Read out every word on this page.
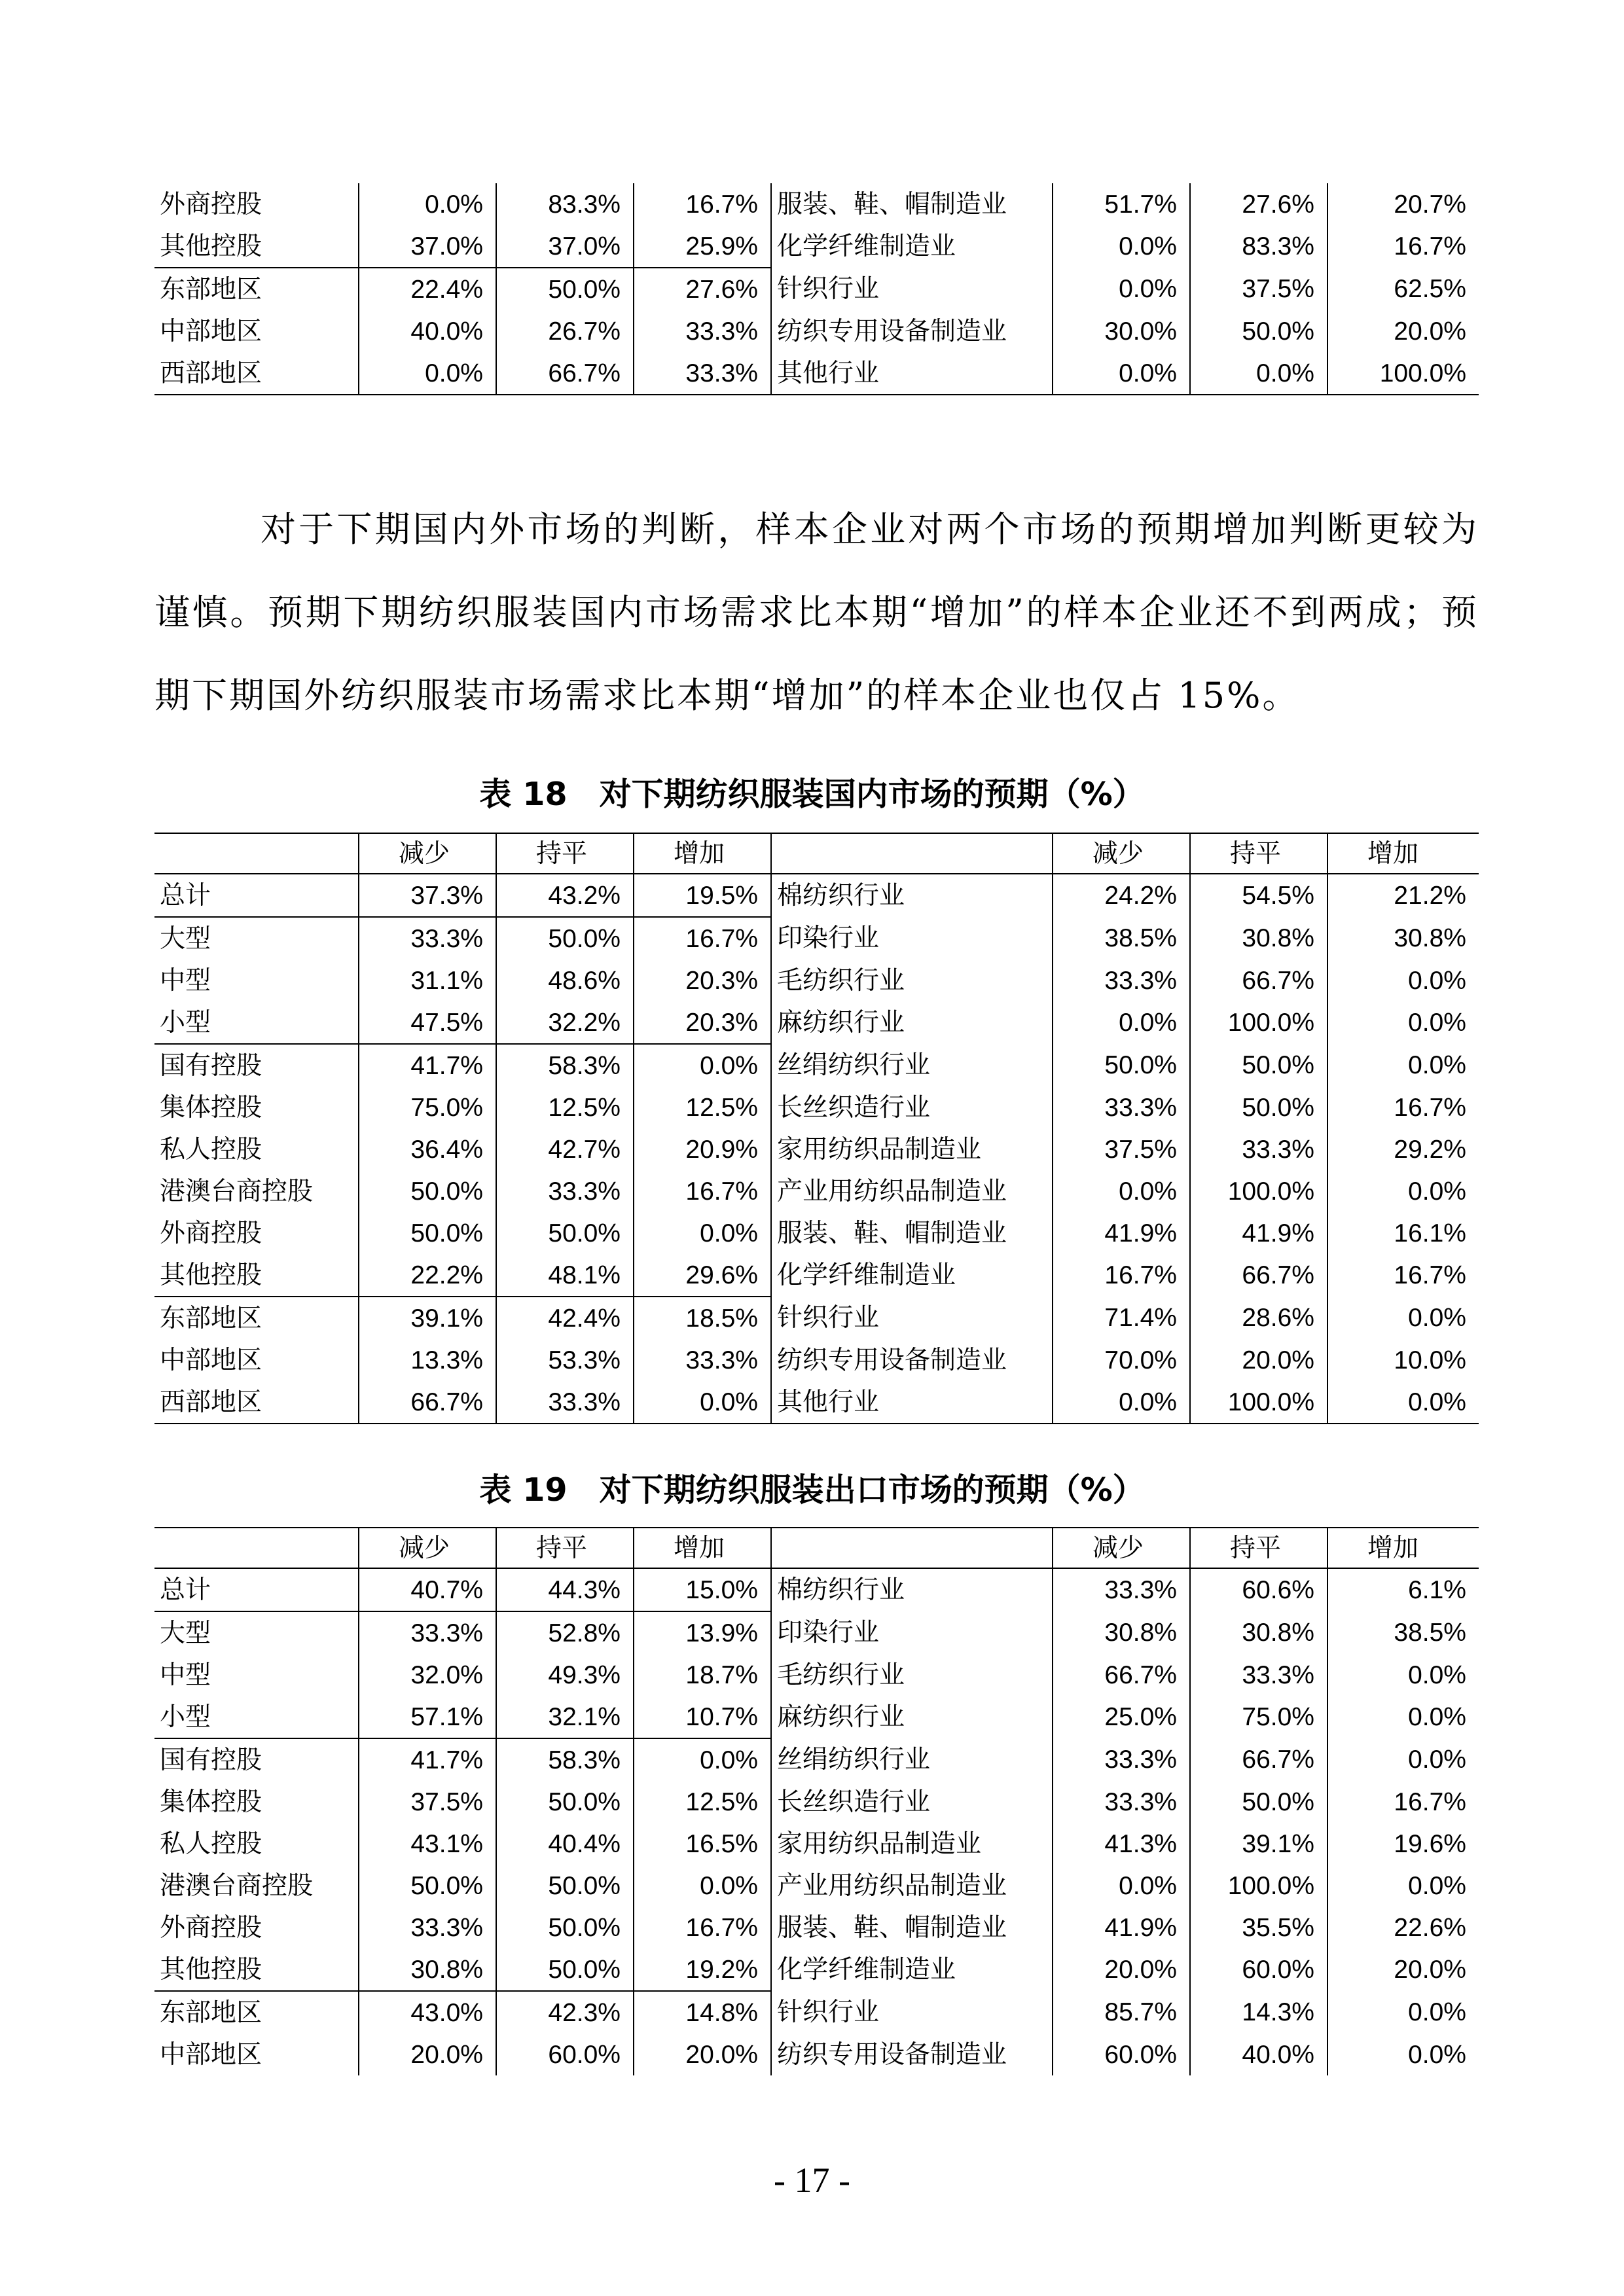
外商控股	0.0%	83.3%	16.7%	服装、鞋、帽制造业	51.7%	27.6%	20.7%
其他控股	37.0%	37.0%	25.9%	化学纤维制造业	0.0%	83.3%	16.7%
东部地区	22.4%	50.0%	27.6%	针织行业	0.0%	37.5%	62.5%
中部地区	40.0%	26.7%	33.3%	纺织专用设备制造业	30.0%	50.0%	20.0%
西部地区	0.0%	66.7%	33.3%	其他行业	0.0%	0.0%	100.0%

对于下期国内外市场的判断，样本企业对两个市场的预期增加判断更较为谨慎。预期下期纺织服装国内市场需求比本期“增加”的样本企业还不到两成；预期下期国外纺织服装市场需求比本期“增加”的样本企业也仅占 15%。

表 18　对下期纺织服装国内市场的预期（%）
	减少	持平	增加		减少	持平	增加
总计	37.3%	43.2%	19.5%	棉纺织行业	24.2%	54.5%	21.2%
大型	33.3%	50.0%	16.7%	印染行业	38.5%	30.8%	30.8%
中型	31.1%	48.6%	20.3%	毛纺织行业	33.3%	66.7%	0.0%
小型	47.5%	32.2%	20.3%	麻纺织行业	0.0%	100.0%	0.0%
国有控股	41.7%	58.3%	0.0%	丝绢纺织行业	50.0%	50.0%	0.0%
集体控股	75.0%	12.5%	12.5%	长丝织造行业	33.3%	50.0%	16.7%
私人控股	36.4%	42.7%	20.9%	家用纺织品制造业	37.5%	33.3%	29.2%
港澳台商控股	50.0%	33.3%	16.7%	产业用纺织品制造业	0.0%	100.0%	0.0%
外商控股	50.0%	50.0%	0.0%	服装、鞋、帽制造业	41.9%	41.9%	16.1%
其他控股	22.2%	48.1%	29.6%	化学纤维制造业	16.7%	66.7%	16.7%
东部地区	39.1%	42.4%	18.5%	针织行业	71.4%	28.6%	0.0%
中部地区	13.3%	53.3%	33.3%	纺织专用设备制造业	70.0%	20.0%	10.0%
西部地区	66.7%	33.3%	0.0%	其他行业	0.0%	100.0%	0.0%
表 19　对下期纺织服装出口市场的预期（%）
	减少	持平	增加		减少	持平	增加
总计	40.7%	44.3%	15.0%	棉纺织行业	33.3%	60.6%	6.1%
大型	33.3%	52.8%	13.9%	印染行业	30.8%	30.8%	38.5%
中型	32.0%	49.3%	18.7%	毛纺织行业	66.7%	33.3%	0.0%
小型	57.1%	32.1%	10.7%	麻纺织行业	25.0%	75.0%	0.0%
国有控股	41.7%	58.3%	0.0%	丝绢纺织行业	33.3%	66.7%	0.0%
集体控股	37.5%	50.0%	12.5%	长丝织造行业	33.3%	50.0%	16.7%
私人控股	43.1%	40.4%	16.5%	家用纺织品制造业	41.3%	39.1%	19.6%
港澳台商控股	50.0%	50.0%	0.0%	产业用纺织品制造业	0.0%	100.0%	0.0%
外商控股	33.3%	50.0%	16.7%	服装、鞋、帽制造业	41.9%	35.5%	22.6%
其他控股	30.8%	50.0%	19.2%	化学纤维制造业	20.0%	60.0%	20.0%
东部地区	43.0%	42.3%	14.8%	针织行业	85.7%	14.3%	0.0%
中部地区	20.0%	60.0%	20.0%	纺织专用设备制造业	60.0%	40.0%	0.0%
- 17 -
